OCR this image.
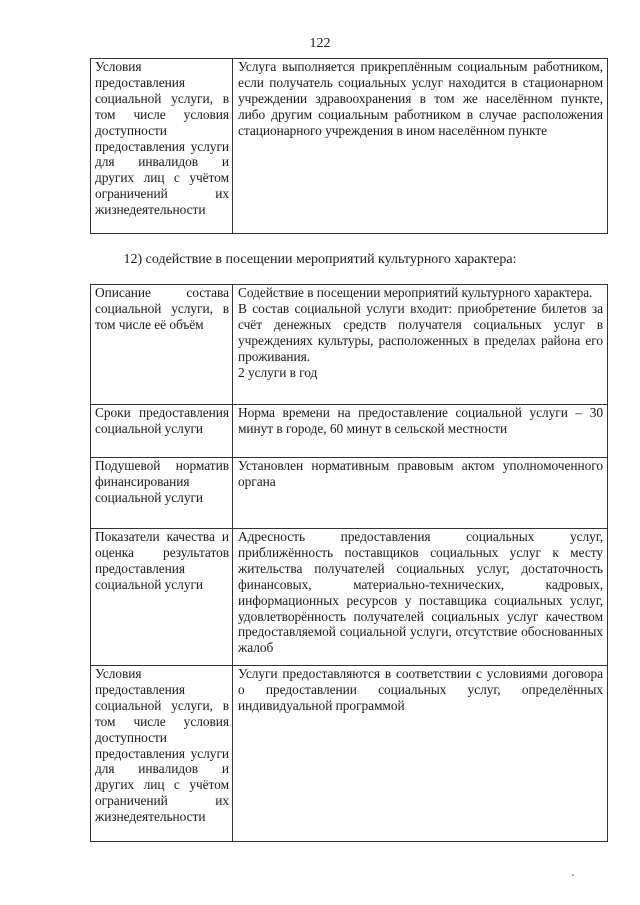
122
Условия предоставления социальной услуги, в том числе условия доступности предоставления услуги для инвалидов и других лиц с учётом ограничений их жизнедеятельности	Услуга выполняется прикреплённым социальным работником, если получатель социальных услуг находится в стационарном учреждении здравоохранения в том же населённом пункте, либо другим социальным работником в случае расположения стационарного учреждения в ином населённом пункте
12) содействие в посещении мероприятий культурного характера:
Описание состава социальной услуги, в том числе её объём	Содействие в посещении мероприятий культурного характера.
В состав социальной услуги входит: приобретение билетов за счёт денежных средств получателя социальных услуг в учреждениях культуры, расположенных в пределах района его проживания.
2 услуги в год

Сроки предоставления социальной услуги	Норма времени на предоставление социальной услуги – 30 минут в городе, 60 минут в сельской местности
Подушевой норматив финансирования социальной услуги	Установлен нормативным правовым актом уполномоченного органа
Показатели качества и оценка результатов предоставления социальной услуги	Адресность предоставления социальных услуг, приближённость поставщиков социальных услуг к месту жительства получателей социальных услуг, достаточность финансовых, материально-технических, кадровых, информационных ресурсов у поставщика социальных услуг, удовлетворённость получателей социальных услуг качеством предоставляемой социальной услуги, отсутствие обоснованных жалоб
Условия предоставления социальной услуги, в том числе условия доступности предоставления услуги для инвалидов и других лиц с учётом ограничений их жизнедеятельности	Услуги предоставляются в соответствии с условиями договора о предоставлении социальных услуг, определённых индивидуальной программой
